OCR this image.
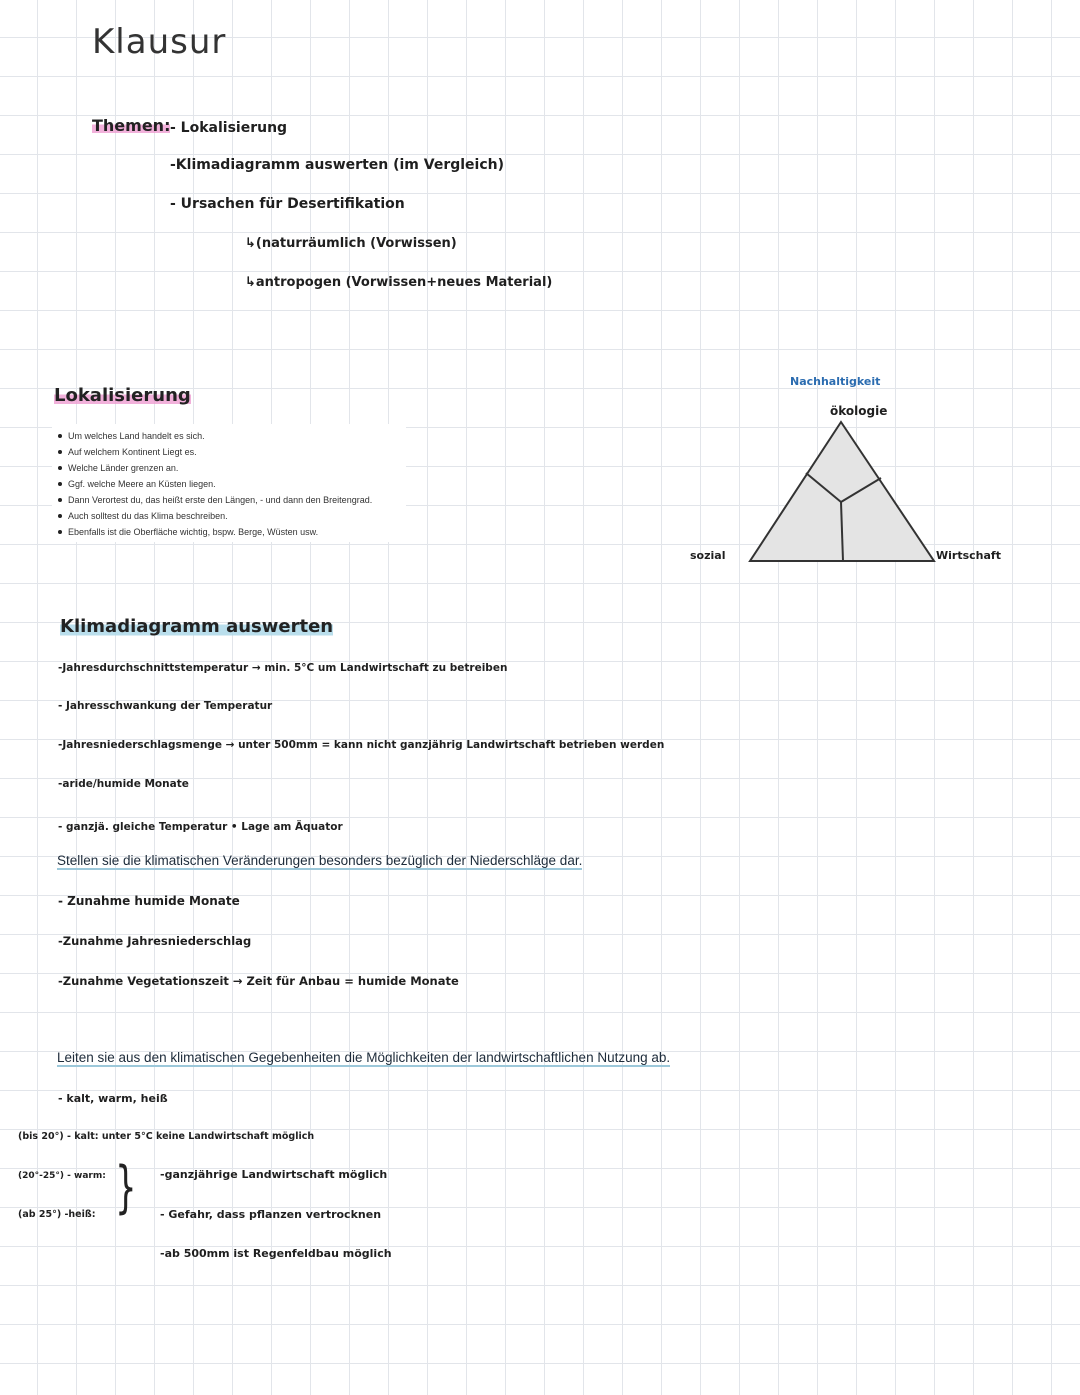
Klausur
Themen: - Lokalisierung
-Klimadiagramm auswerten (im Vergleich)
- Ursachen für Desertifikation
↳(naturräumlich (Vorwissen)
↳antropogen (Vorwissen+neues Material)
Lokalisierung
Um welches Land handelt es sich.
Auf welchem Kontinent Liegt es.
Welche Länder grenzen an.
Ggf. welche Meere an Küsten liegen.
Dann Verortest du, das heißt erste den Längen, - und dann den Breitengrad.
Auch solltest du das Klima beschreiben.
Ebenfalls ist die Oberfläche wichtig, bspw. Berge, Wüsten usw.
Nachhaltigkeit
ökologie
sozial	Wirtschaft
Klimadiagramm auswerten
-Jahresdurchschnittstemperatur → min. 5°C um Landwirtschaft zu betreiben
- Jahresschwankung der Temperatur
-Jahresniederschlagsmenge → unter 500mm = kann nicht ganzjährig Landwirtschaft betrieben werden
-aride/humide Monate
- ganzjä. gleiche Temperatur • Lage am Äquator
Stellen sie die klimatischen Veränderungen besonders bezüglich der Niederschläge dar.
- Zunahme humide Monate
-Zunahme Jahresniederschlag
-Zunahme Vegetationszeit → Zeit für Anbau = humide Monate
Leiten sie aus den klimatischen Gegebenheiten die Möglichkeiten der landwirtschaftlichen Nutzung ab.
- kalt, warm, heiß
(bis 20°) - kalt: unter 5°C keine Landwirtschaft möglich
(20°-25°) - warm:
(ab 25°) -heiß: } -ganzjährige Landwirtschaft möglich
- Gefahr, dass pflanzen vertrocknen
-ab 500mm ist Regenfeldbau möglich
